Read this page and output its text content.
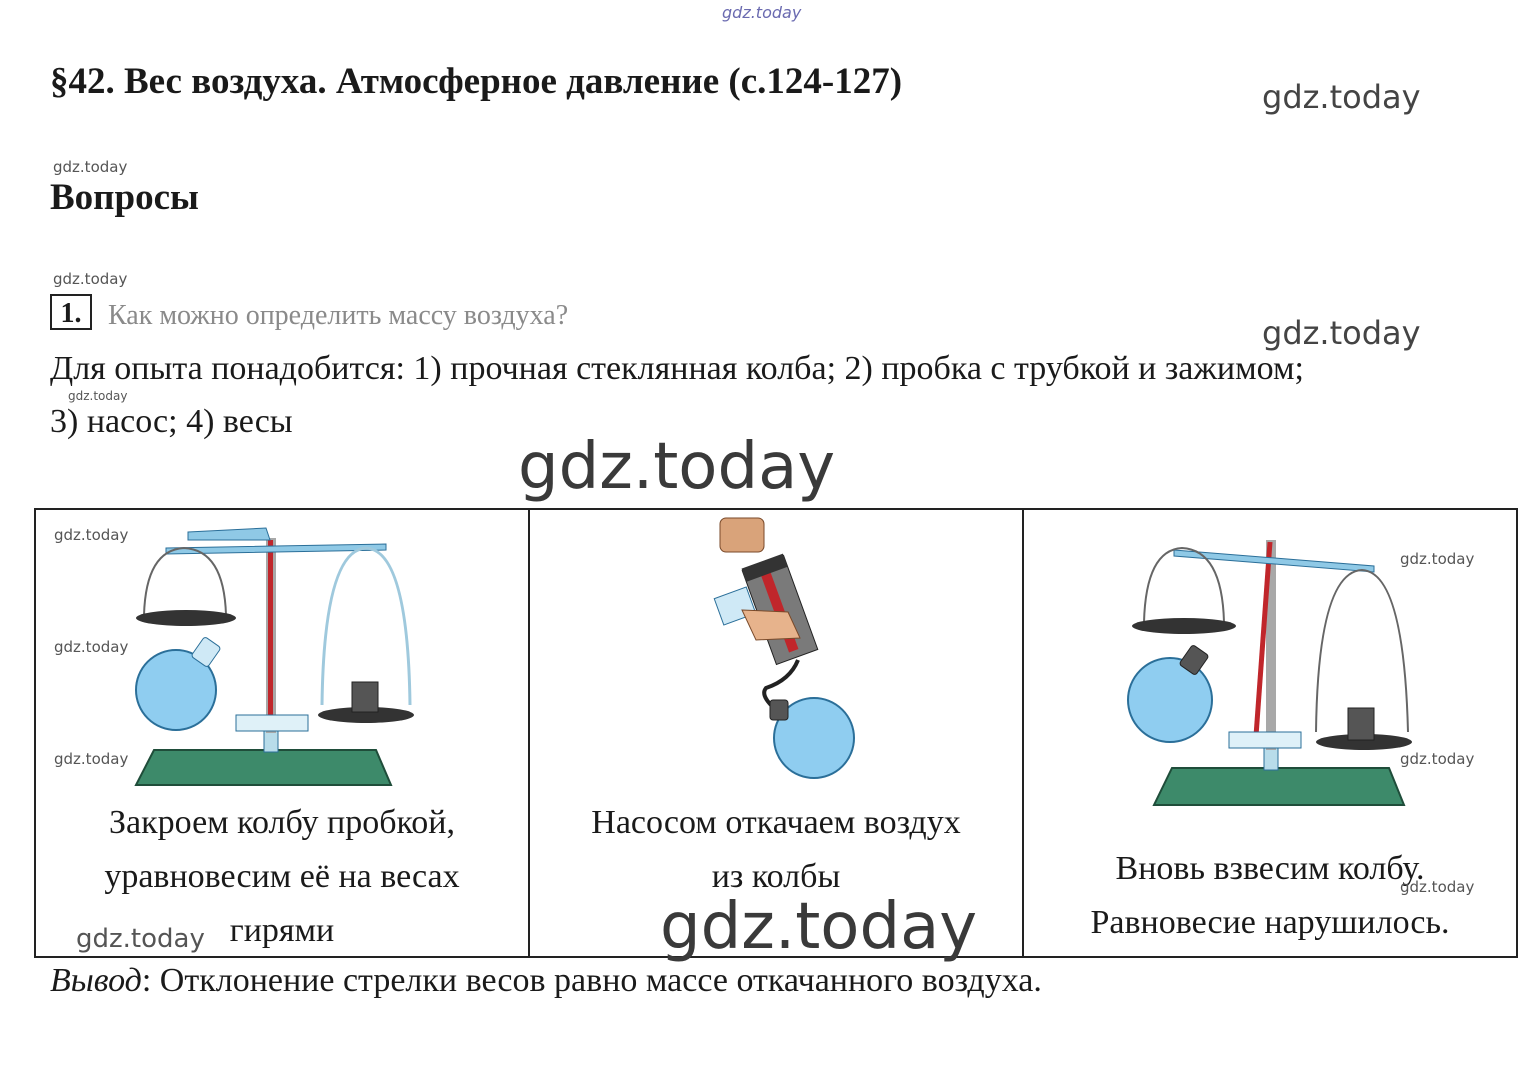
gdz.today
gdz.today
gdz.today
gdz.today
gdz.today
gdz.today
gdz.today
§42. Вес воздуха. Атмосферное давление (с.124-127)
Вопросы
1. Как можно определить массу воздуха?
Для опыта понадобится: 1) прочная стеклянная колба; 2) пробка с трубкой и зажимом;
3) насос; 4) весы
gdz.today
gdz.today
gdz.today
Закроем колбу пробкой,
уравновесим её на весах
гирями
gdz.today
Насосом откачаем воздух
из колбы
gdz.today
gdz.today
gdz.today
Вновь взвесим колбу.
Равновесие нарушилось.
gdz.today
Вывод: Отклонение стрелки весов равно массе откачанного воздуха.
